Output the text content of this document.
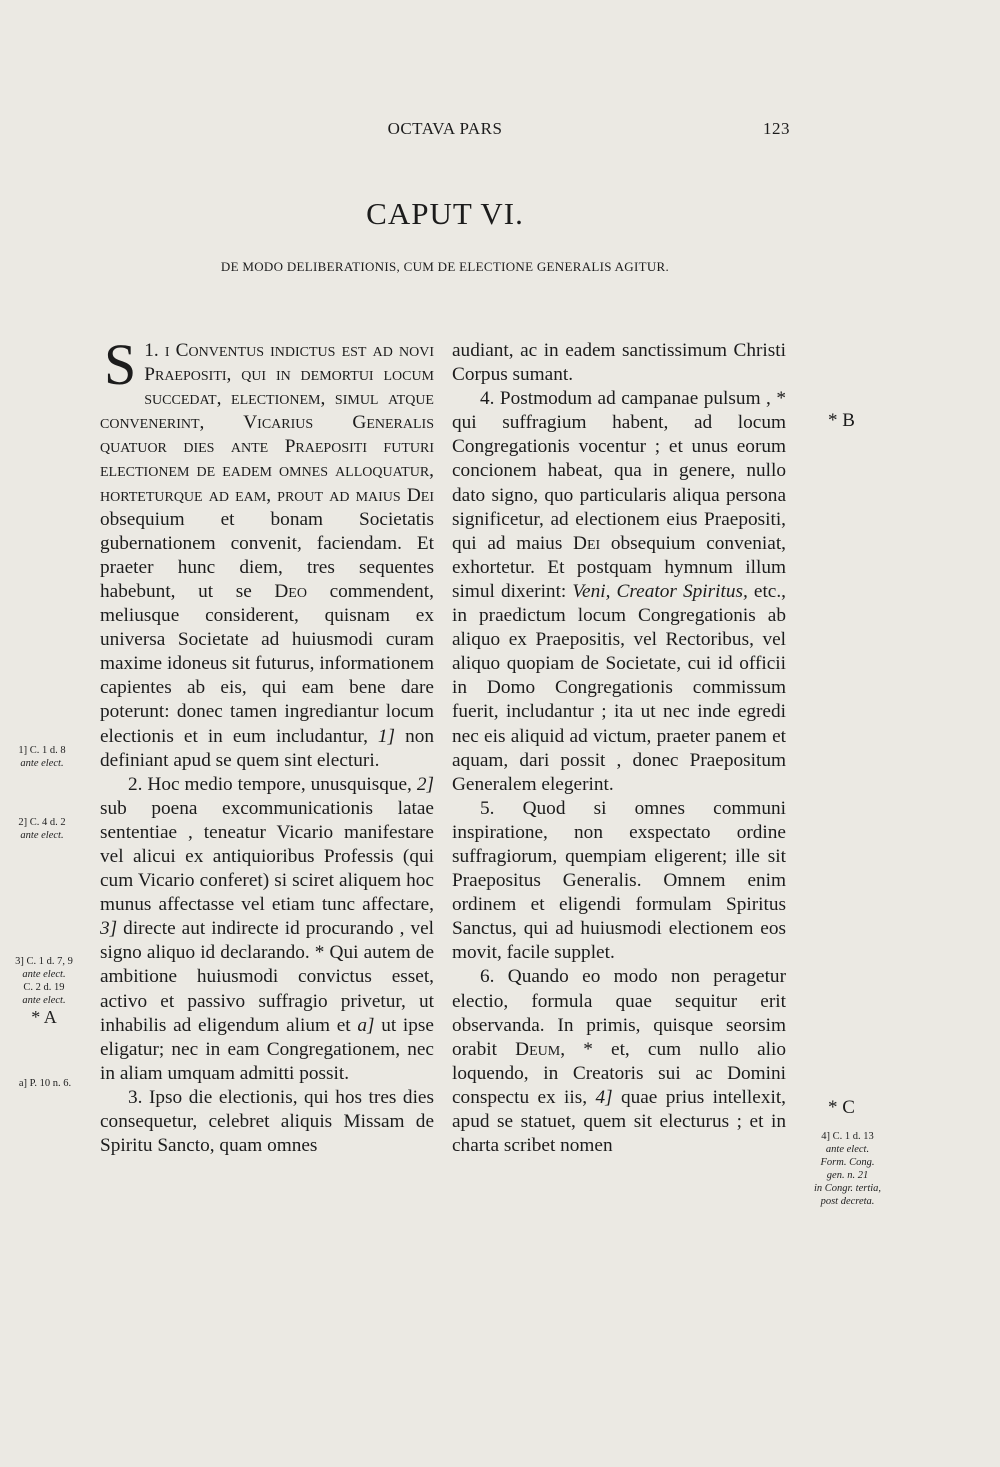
OCTAVA PARS	123
CAPUT VI.
DE MODO DELIBERATIONIS, CUM DE ELECTIONE GENERALIS AGITUR.

1.
S i Conventus indictus est ad novi Praepositi, qui in demortui locum succedat, electionem, simul atque convenerint, Vicarius Generalis quatuor dies ante Praepositi futuri electionem de eadem omnes alloquatur, horteturque ad eam, prout ad maius Dei obsequium et bonam Societatis gubernationem convenit, faciendam. Et praeter hunc diem, tres sequentes habebunt, ut se Deo commendent, meliusque considerent, quisnam ex universa Societate ad huiusmodi curam maxime idoneus sit futurus, informationem capientes ab eis, qui eam bene dare poterunt: donec tamen ingrediantur locum electionis et in eum includantur, 1] non definiant apud se quem sint electuri.

2. Hoc medio tempore, unusquisque, 2] sub poena excommunicationis latae sententiae , teneatur Vicario manifestare vel alicui ex antiquioribus Professis (qui cum Vicario conferet) si sciret aliquem hoc munus affectasse vel etiam tunc affectare, 3] directe aut indirecte id procurando , vel signo aliquo id declarando. * Qui autem de ambitione huiusmodi convictus esset, activo et passivo suffragio privetur, ut inhabilis ad eligendum alium et a] ut ipse eligatur; nec in eam Congregationem, nec in aliam umquam admitti possit.

3. Ipso die electionis, qui hos tres dies consequetur, celebret aliquis Missam de Spiritu Sancto, quam omnes

audiant, ac in eadem sanctissimum Christi Corpus sumant.

4. Postmodum ad campanae pulsum , * qui suffragium habent, ad locum Congregationis vocentur ; et unus eorum concionem habeat, qua in genere, nullo dato signo, quo particularis aliqua persona significetur, ad electionem eius Praepositi, qui ad maius Dei obsequium conveniat, exhortetur. Et postquam hymnum illum simul dixerint: Veni, Creator Spiritus, etc., in praedictum locum Congregationis ab aliquo ex Praepositis, vel Rectoribus, vel aliquo quopiam de Societate, cui id officii in Domo Congregationis commissum fuerit, includantur ; ita ut nec inde egredi nec eis aliquid ad victum, praeter panem et aquam, dari possit , donec Praepositum Generalem elegerint.

5. Quod si omnes communi inspiratione, non exspectato ordine suffragiorum, quempiam eligerent; ille sit Praepositus Generalis. Omnem enim ordinem et eligendi formulam Spiritus Sanctus, qui ad huiusmodi electionem eos movit, facile supplet.

6. Quando eo modo non peragetur electio, formula quae sequitur erit observanda. In primis, quisque seorsim orabit Deum, * et, cum nullo alio loquendo, in Creatoris sui ac Domini conspectu ex iis, 4] quae prius intellexit, apud se statuet, quem sit electurus ; et in charta scribet nomen

1] C. 1 d. 8
ante elect.
2] C. 4 d. 2
ante elect.
3] C. 1 d. 7, 9
ante elect.
C. 2 d. 19
ante elect.
* A
a] P. 10 n. 6.
* B
* C
4] C. 1 d. 13
ante elect.
Form. Cong.
gen. n. 21
in Congr. tertia,
post decreta.
